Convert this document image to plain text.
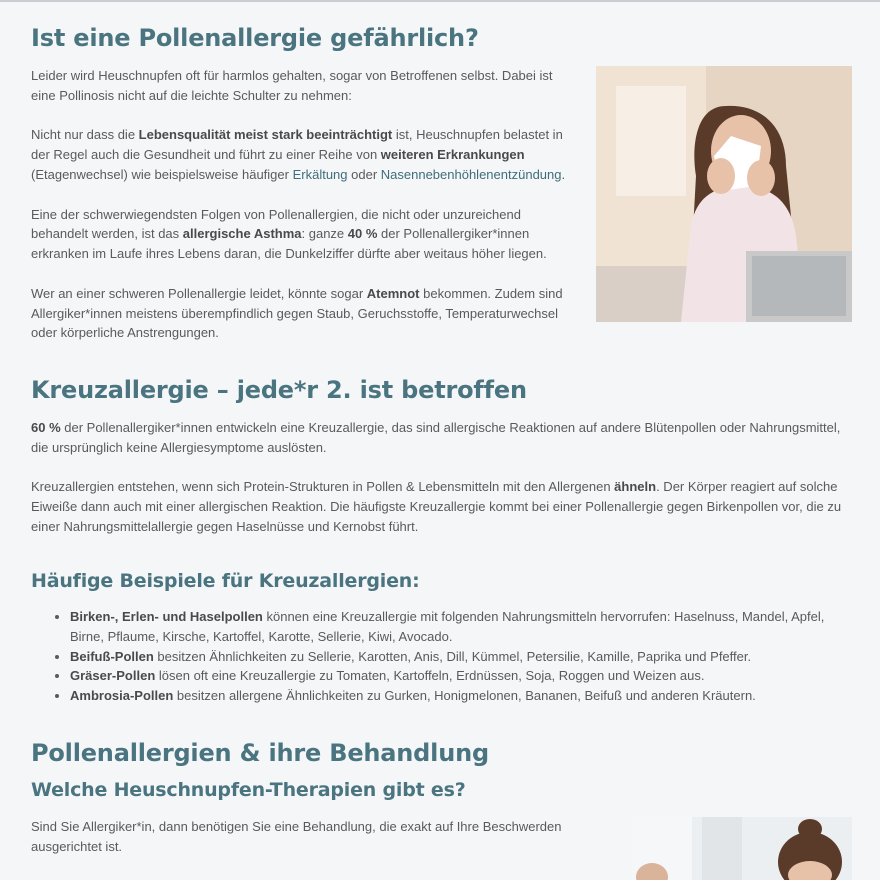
Ist eine Pollenallergie gefährlich?

Leider wird Heuschnupfen oft für harmlos gehalten, sogar von Betroffenen selbst. Dabei ist eine Pollinosis nicht auf die leichte Schulter zu nehmen:

Nicht nur dass die Lebensqualität meist stark beeinträchtigt ist, Heuschnupfen belastet in der Regel auch die Gesundheit und führt zu einer Reihe von weiteren Erkrankungen (Etagenwechsel) wie beispielsweise häufiger Erkältung oder Nasennebenhöhlenentzündung.

Eine der schwerwiegendsten Folgen von Pollenallergien, die nicht oder unzureichend behandelt werden, ist das allergische Asthma: ganze 40 % der Pollenallergiker*innen erkranken im Laufe ihres Lebens daran, die Dunkelziffer dürfte aber weitaus höher liegen.

Wer an einer schweren Pollenallergie leidet, könnte sogar Atemnot bekommen. Zudem sind Allergiker*innen meistens überempfindlich gegen Staub, Geruchsstoffe, Temperaturwechsel oder körperliche Anstrengungen.

Kreuzallergie – jede*r 2. ist betroffen

60 % der Pollenallergiker*innen entwickeln eine Kreuzallergie, das sind allergische Reaktionen auf andere Blütenpollen oder Nahrungsmittel, die ursprünglich keine Allergiesymptome auslösten.

Kreuzallergien entstehen, wenn sich Protein-Strukturen in Pollen & Lebensmitteln mit den Allergenen ähneln. Der Körper reagiert auf solche Eiweiße dann auch mit einer allergischen Reaktion. Die häufigste Kreuzallergie kommt bei einer Pollenallergie gegen Birkenpollen vor, die zu einer Nahrungsmittelallergie gegen Haselnüsse und Kernobst führt.

Häufige Beispiele für Kreuzallergien:
• Birken-, Erlen- und Haselpollen können eine Kreuzallergie mit folgenden Nahrungsmitteln hervorrufen: Haselnuss, Mandel, Apfel, Birne, Pflaume, Kirsche, Kartoffel, Karotte, Sellerie, Kiwi, Avocado.
• Beifuß-Pollen besitzen Ähnlichkeiten zu Sellerie, Karotten, Anis, Dill, Kümmel, Petersilie, Kamille, Paprika und Pfeffer.
• Gräser-Pollen lösen oft eine Kreuzallergie zu Tomaten, Kartoffeln, Erdnüssen, Soja, Roggen und Weizen aus.
• Ambrosia-Pollen besitzen allergene Ähnlichkeiten zu Gurken, Honigmelonen, Bananen, Beifuß und anderen Kräutern.
Pollenallergien & ihre Behandlung
Welche Heuschnupfen-Therapien gibt es?

Sind Sie Allergiker*in, dann benötigen Sie eine Behandlung, die exakt auf Ihre Beschwerden ausgerichtet ist.
